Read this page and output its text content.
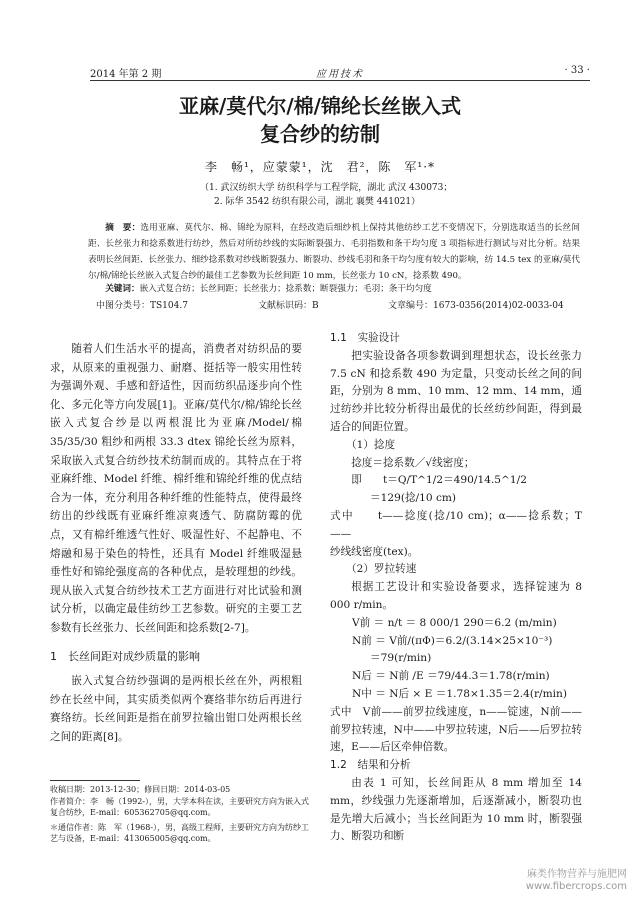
2014 年第 2 期	应用技术	· 33 ·
亚麻/莫代尔/棉/锦纶长丝嵌入式
复合纱的纺制
李　畅¹，应蒙蒙¹，沈　君²，陈　军¹·*
（1. 武汉纺织大学 纺织科学与工程学院，湖北 武汉 430073；
2. 际华 3542 纺织有限公司，湖北 襄樊 441021）
摘　要：选用亚麻、莫代尔、棉、锦纶为原料，在经改造后细纱机上保持其他纺纱工艺不变情况下，分别选取适当的长丝间距、长丝张力和捻系数进行纺纱，然后对所纺纱线的实际断裂强力、毛羽指数和条干均匀度 3 项指标进行测试与对比分析。结果表明长丝间距、长丝张力、细纱捻系数对纱线断裂强力、断裂功、纱线毛羽和条干均匀度有较大的影响，纺 14.5 tex 的亚麻/莫代尔/棉/锦纶长丝嵌入式复合纱的最佳工艺参数为长丝间距 10 mm，长丝张力 10 cN，捻系数 490。
关键词：嵌入式复合纺；长丝间距；长丝张力；捻系数；断裂强力；毛羽；条干均匀度
中图分类号：TS104.7	文献标识码：B	文章编号：1673-0356(2014)02-0033-04

随着人们生活水平的提高，消费者对纺织品的要求，从原来的重视强力、耐磨、挺括等一般实用性转为强调外观、手感和舒适性，因而纺织品逐步向个性化、多元化等方向发展[1]。亚麻/莫代尔/棉/锦纶长丝嵌入式复合纱是以两根混比为亚麻/Model/棉 35/35/30 粗纱和两根 33.3 dtex 锦纶长丝为原料，采取嵌入式复合纺纱技术纺制而成的。其特点在于将亚麻纤维、Model 纤维、棉纤维和锦纶纤维的优点结合为一体，充分利用各种纤维的性能特点，使得最终纺出的纱线既有亚麻纤维凉爽透气、防腐防霉的优点，又有棉纤维透气性好、吸湿性好、不起静电、不熔融和易于染色的特性，还具有 Model 纤维吸湿悬垂性好和锦纶强度高的各种优点，是较理想的纱线。现从嵌入式复合纺纱技术工艺方面进行对比试验和测试分析，以确定最佳纺纱工艺参数。研究的主要工艺参数有长丝张力、长丝间距和捻系数[2-7]。

1　长丝间距对成纱质量的影响

嵌入式复合纺纱强调的是两根长丝在外，两根粗纱在长丝中间，其实质类似两个赛络菲尔纺后再进行赛络纺。长丝间距是指在前罗拉输出钳口处两根长丝之间的距离[8]。

1.1　实验设计

把实验设备各项参数调到理想状态，设长丝张力 7.5 cN 和捻系数 490 为定量，只变动长丝之间的间距，分别为 8 mm、10 mm、12 mm、14 mm，通过纺纱并比较分析得出最优的长丝纺纱间距，得到最适合的间距位置。

（1）捻度

捻度＝捻系数／√线密度；

即　　t＝Q/T^1/2＝490/14.5^1/2

＝129(捻/10 cm)

式中　　t——捻度(捻/10 cm)；α——捻系数；T——

纱线线密度(tex)。

（2）罗拉转速

根据工艺设计和实验设备要求，选择锭速为 8 000 r/min。

V前 ＝ n/t ＝ 8 000/1 290＝6.2 (m/min)

N前 ＝ V前/(πΦ)＝6.2/(3.14×25×10⁻³)

＝79(r/min)

N后 ＝ N前 /E ＝79/44.3＝1.78(r/min)

N中 ＝ N后 × E ＝1.78×1.35＝2.4(r/min)

式中　V前——前罗拉线速度，n——锭速，N前——前罗拉转速，N中——中罗拉转速，N后——后罗拉转速，E——后区牵伸倍数。

1.2　结果和分析

由表 1 可知，长丝间距从 8 mm 增加至 14 mm，纱线强力先逐渐增加，后逐渐减小，断裂功也是先增大后减小；当长丝间距为 10 mm 时，断裂强力、断裂功和断

收稿日期：2013-12-30；修回日期：2014-03-05
作者简介：李　畅（1992-），男，大学本科在读，主要研究方向为嵌入式复合纺纱，E-mail：605362705@qq.com。
＊通信作者：陈　军（1968-），男，高级工程师，主要研究方向为纺纱工艺与设备，E-mail：413065005@qq.com。
麻类作物营养与施肥网
www.fibercrops.com
